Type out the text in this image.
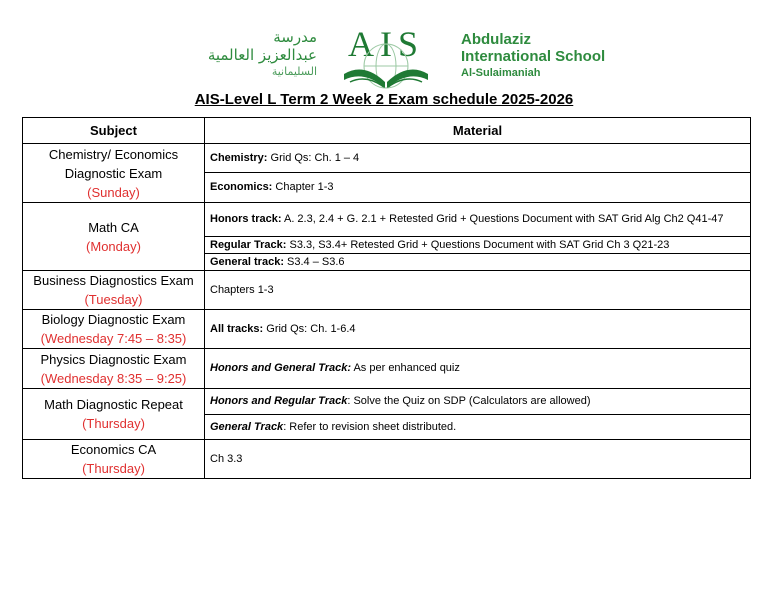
مدرسة
عبدالعزيز العالمية
السليمانية
AIS	Abdulaziz
International School
Al-Sulaimaniah
AIS-Level L Term 2 Week 2 Exam schedule 2025-2026
Subject	Material

Chemistry/ Economics Diagnostic Exam
(Sunday)	Chemistry: Grid Qs: Ch. 1 – 4
	Economics: Chapter 1-3

Math CA
(Monday)	Honors track: A. 2.3, 2.4 + G. 2.1 + Retested Grid + Questions Document with SAT Grid Alg Ch2 Q41-47
	Regular Track: S3.3, S3.4+ Retested Grid + Questions Document with SAT Grid Ch 3 Q21-23
	General track: S3.4 – S3.6

Business Diagnostics Exam
(Tuesday)	Chapters 1-3

Biology Diagnostic Exam
(Wednesday 7:45 – 8:35)	All tracks: Grid Qs: Ch. 1-6.4

Physics Diagnostic Exam
(Wednesday 8:35 – 9:25)	Honors and General Track: As per enhanced quiz

Math Diagnostic Repeat
(Thursday)	Honors and Regular Track: Solve the Quiz on SDP (Calculators are allowed)
	General Track: Refer to revision sheet distributed.

Economics CA
(Thursday)	Ch 3.3
